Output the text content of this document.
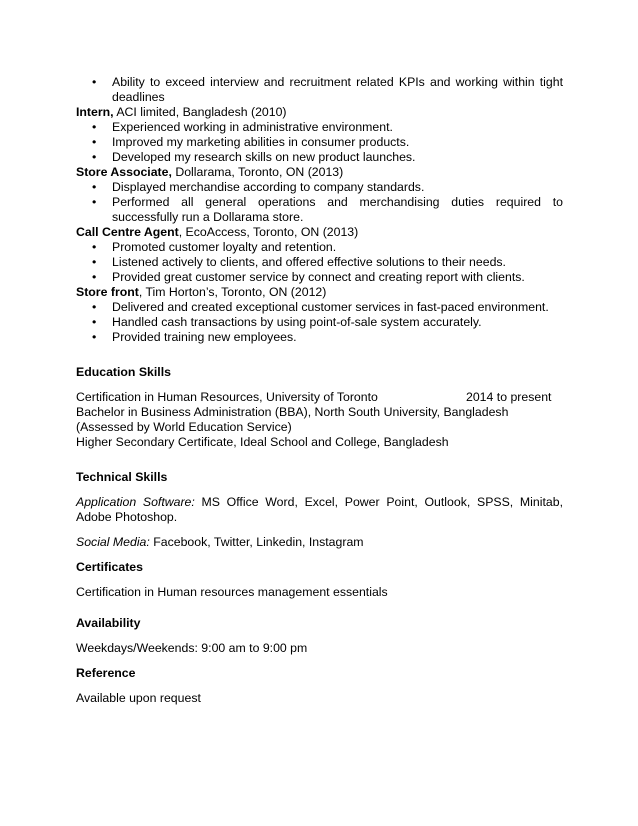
• Ability to exceed interview and recruitment related KPIs and working within tight deadlines

Intern, ACI limited, Bangladesh (2010)

• Experienced working in administrative environment.
• Improved my marketing abilities in consumer products.
• Developed my research skills on new product launches.

Store Associate, Dollarama, Toronto, ON (2013)

• Displayed merchandise according to company standards.
• Performed all general operations and merchandising duties required to successfully run a Dollarama store.

Call Centre Agent, EcoAccess, Toronto, ON (2013)

• Promoted customer loyalty and retention.
• Listened actively to clients, and offered effective solutions to their needs.
• Provided great customer service by connect and creating report with clients.

Store front, Tim Horton’s, Toronto, ON (2012)

• Delivered and created exceptional customer services in fast-paced environment.
• Handled cash transactions by using point-of-sale system accurately.
• Provided training new employees.

Education Skills

Certification in Human Resources, University of Toronto	2014 to present

Bachelor in Business Administration (BBA), North South University, Bangladesh

(Assessed by World Education Service)

Higher Secondary Certificate, Ideal School and College, Bangladesh

Technical Skills

Application Software: MS Office Word, Excel, Power Point, Outlook, SPSS, Minitab, Adobe Photoshop.

Social Media: Facebook, Twitter, Linkedin, Instagram

Certificates

Certification in Human resources management essentials

Availability

Weekdays/Weekends: 9:00 am to 9:00 pm

Reference

Available upon request
